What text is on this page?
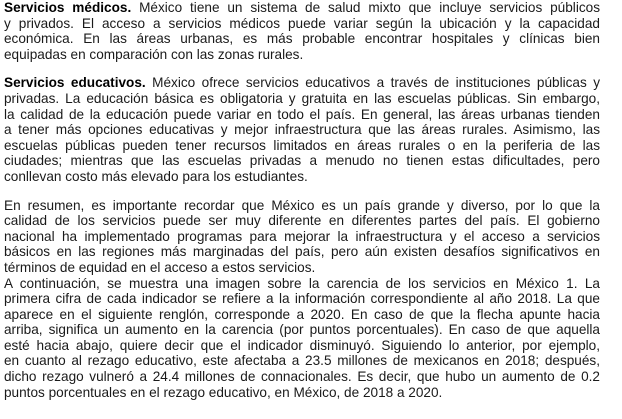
Servicios médicos. México tiene un sistema de salud mixto que incluye servicios públicos
y privados. El acceso a servicios médicos puede variar según la ubicación y la capacidad
económica. En las áreas urbanas, es más probable encontrar hospitales y clínicas bien
equipadas en comparación con las zonas rurales.
Servicios educativos. México ofrece servicios educativos a través de instituciones públicas y
privadas. La educación básica es obligatoria y gratuita en las escuelas públicas. Sin embargo,
la calidad de la educación puede variar en todo el país. En general, las áreas urbanas tienden
a tener más opciones educativas y mejor infraestructura que las áreas rurales. Asimismo, las
escuelas públicas pueden tener recursos limitados en áreas rurales o en la periferia de las
ciudades; mientras que las escuelas privadas a menudo no tienen estas dificultades, pero
conllevan costo más elevado para los estudiantes.
En resumen, es importante recordar que México es un país grande y diverso, por lo que la
calidad de los servicios puede ser muy diferente en diferentes partes del país. El gobierno
nacional ha implementado programas para mejorar la infraestructura y el acceso a servicios
básicos en las regiones más marginadas del país, pero aún existen desafíos significativos en
términos de equidad en el acceso a estos servicios.
A continuación, se muestra una imagen sobre la carencia de los servicios en México 1. La
primera cifra de cada indicador se refiere a la información correspondiente al año 2018. La que
aparece en el siguiente renglón, corresponde a 2020. En caso de que la flecha apunte hacia
arriba, significa un aumento en la carencia (por puntos porcentuales). En caso de que aquella
esté hacia abajo, quiere decir que el indicador disminuyó. Siguiendo lo anterior, por ejemplo,
en cuanto al rezago educativo, este afectaba a 23.5 millones de mexicanos en 2018; después,
dicho rezago vulneró a 24.4 millones de connacionales. Es decir, que hubo un aumento de 0.2
puntos porcentuales en el rezago educativo, en México, de 2018 a 2020.
